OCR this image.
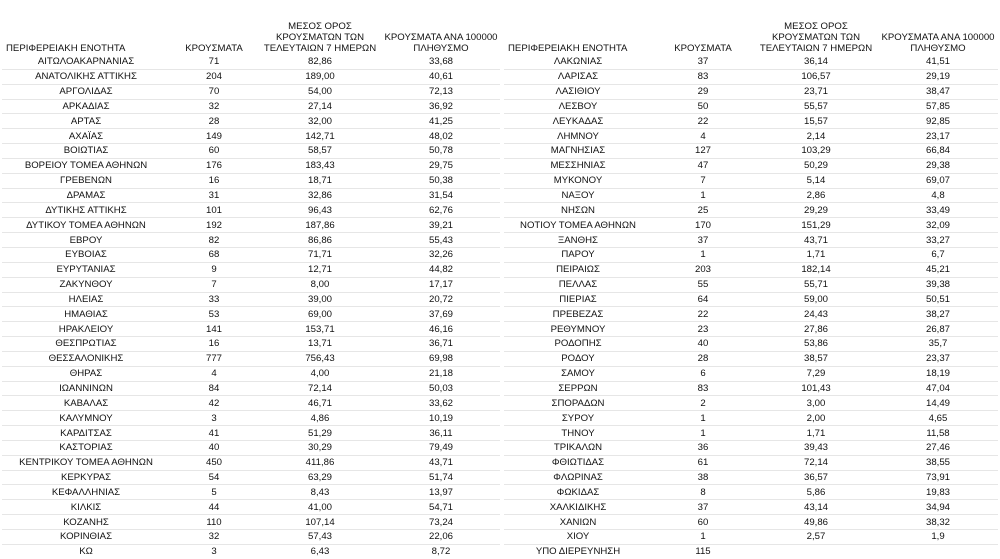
ΠΕΡΙΦΕΡΕΙΑΚΗ ΕΝΟΤΗΤΑ	ΚΡΟΥΣΜΑΤΑ	ΜΕΣΟΣ ΟΡΟΣ ΚΡΟΥΣΜΑΤΩΝ ΤΩΝ ΤΕΛΕΥΤΑΙΩΝ 7 ΗΜΕΡΩΝ	ΚΡΟΥΣΜΑΤΑ ΑΝΑ 100000 ΠΛΗΘΥΣΜΟ
ΑΙΤΩΛΟΑΚΑΡΝΑΝΙΑΣ	71	82,86	33,68
ΑΝΑΤΟΛΙΚΗΣ ΑΤΤΙΚΗΣ	204	189,00	40,61
ΑΡΓΟΛΙΔΑΣ	70	54,00	72,13
ΑΡΚΑΔΙΑΣ	32	27,14	36,92
ΑΡΤΑΣ	28	32,00	41,25
ΑΧΑΪΑΣ	149	142,71	48,02
ΒΟΙΩΤΙΑΣ	60	58,57	50,78
ΒΟΡΕΙΟΥ ΤΟΜΕΑ ΑΘΗΝΩΝ	176	183,43	29,75
ΓΡΕΒΕΝΩΝ	16	18,71	50,38
ΔΡΑΜΑΣ	31	32,86	31,54
ΔΥΤΙΚΗΣ ΑΤΤΙΚΗΣ	101	96,43	62,76
ΔΥΤΙΚΟΥ ΤΟΜΕΑ ΑΘΗΝΩΝ	192	187,86	39,21
ΕΒΡΟΥ	82	86,86	55,43
ΕΥΒΟΙΑΣ	68	71,71	32,26
ΕΥΡΥΤΑΝΙΑΣ	9	12,71	44,82
ΖΑΚΥΝΘΟΥ	7	8,00	17,17
ΗΛΕΙΑΣ	33	39,00	20,72
ΗΜΑΘΙΑΣ	53	69,00	37,69
ΗΡΑΚΛΕΙΟΥ	141	153,71	46,16
ΘΕΣΠΡΩΤΙΑΣ	16	13,71	36,71
ΘΕΣΣΑΛΟΝΙΚΗΣ	777	756,43	69,98
ΘΗΡΑΣ	4	4,00	21,18
ΙΩΑΝΝΙΝΩΝ	84	72,14	50,03
ΚΑΒΑΛΑΣ	42	46,71	33,62
ΚΑΛΥΜΝΟΥ	3	4,86	10,19
ΚΑΡΔΙΤΣΑΣ	41	51,29	36,11
ΚΑΣΤΟΡΙΑΣ	40	30,29	79,49
ΚΕΝΤΡΙΚΟΥ ΤΟΜΕΑ ΑΘΗΝΩΝ	450	411,86	43,71
ΚΕΡΚΥΡΑΣ	54	63,29	51,74
ΚΕΦΑΛΛΗΝΙΑΣ	5	8,43	13,97
ΚΙΛΚΙΣ	44	41,00	54,71
ΚΟΖΑΝΗΣ	110	107,14	73,24
ΚΟΡΙΝΘΙΑΣ	32	57,43	22,06
ΚΩ	3	6,43	8,72
ΠΕΡΙΦΕΡΕΙΑΚΗ ΕΝΟΤΗΤΑ	ΚΡΟΥΣΜΑΤΑ	ΜΕΣΟΣ ΟΡΟΣ ΚΡΟΥΣΜΑΤΩΝ ΤΩΝ ΤΕΛΕΥΤΑΙΩΝ 7 ΗΜΕΡΩΝ	ΚΡΟΥΣΜΑΤΑ ΑΝΑ 100000 ΠΛΗΘΥΣΜΟ
ΛΑΚΩΝΙΑΣ	37	36,14	41,51
ΛΑΡΙΣΑΣ	83	106,57	29,19
ΛΑΣΙΘΙΟΥ	29	23,71	38,47
ΛΕΣΒΟΥ	50	55,57	57,85
ΛΕΥΚΑΔΑΣ	22	15,57	92,85
ΛΗΜΝΟΥ	4	2,14	23,17
ΜΑΓΝΗΣΙΑΣ	127	103,29	66,84
ΜΕΣΣΗΝΙΑΣ	47	50,29	29,38
ΜΥΚΟΝΟΥ	7	5,14	69,07
ΝΑΞΟΥ	1	2,86	4,8
ΝΗΣΩΝ	25	29,29	33,49
ΝΟΤΙΟΥ ΤΟΜΕΑ ΑΘΗΝΩΝ	170	151,29	32,09
ΞΑΝΘΗΣ	37	43,71	33,27
ΠΑΡΟΥ	1	1,71	6,7
ΠΕΙΡΑΙΩΣ	203	182,14	45,21
ΠΕΛΛΑΣ	55	55,71	39,38
ΠΙΕΡΙΑΣ	64	59,00	50,51
ΠΡΕΒΕΖΑΣ	22	24,43	38,27
ΡΕΘΥΜΝΟΥ	23	27,86	26,87
ΡΟΔΟΠΗΣ	40	53,86	35,7
ΡΟΔΟΥ	28	38,57	23,37
ΣΑΜΟΥ	6	7,29	18,19
ΣΕΡΡΩΝ	83	101,43	47,04
ΣΠΟΡΑΔΩΝ	2	3,00	14,49
ΣΥΡΟΥ	1	2,00	4,65
ΤΗΝΟΥ	1	1,71	11,58
ΤΡΙΚΑΛΩΝ	36	39,43	27,46
ΦΘΙΩΤΙΔΑΣ	61	72,14	38,55
ΦΛΩΡΙΝΑΣ	38	36,57	73,91
ΦΩΚΙΔΑΣ	8	5,86	19,83
ΧΑΛΚΙΔΙΚΗΣ	37	43,14	34,94
ΧΑΝΙΩΝ	60	49,86	38,32
ΧΙΟΥ	1	2,57	1,9
ΥΠΟ ΔΙΕΡΕΥΝΗΣΗ	115		
